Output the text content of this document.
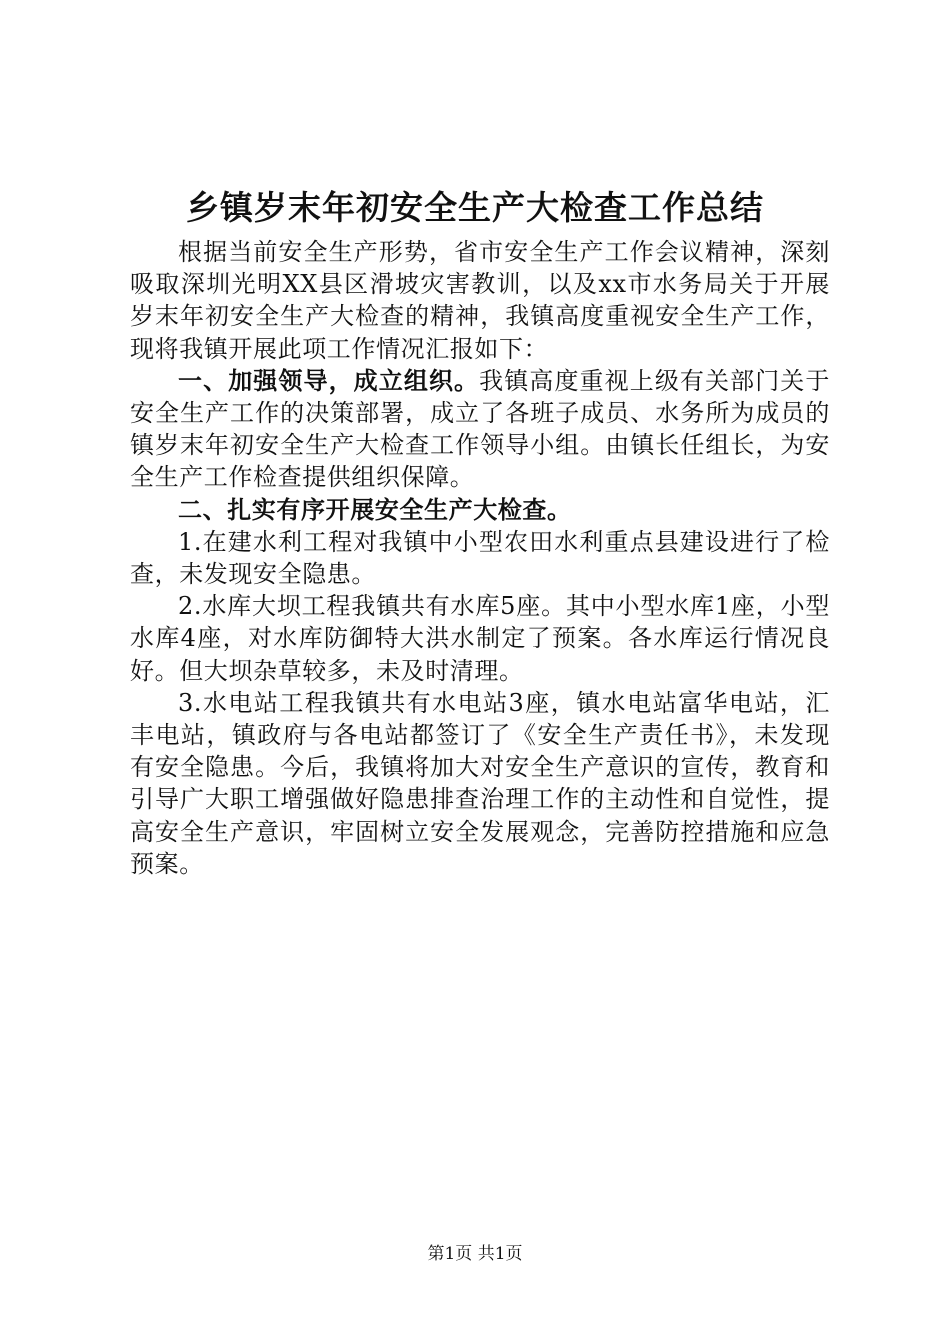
乡镇岁末年初安全生产大检查工作总结

根据当前安全生产形势，省市安全生产工作会议精神，深刻吸取深圳光明XX县区滑坡灾害教训，以及xx市水务局关于开展岁末年初安全生产大检查的精神，我镇高度重视安全生产工作，现将我镇开展此项工作情况汇报如下：

一、加强领导，成立组织。我镇高度重视上级有关部门关于安全生产工作的决策部署，成立了各班子成员、水务所为成员的镇岁末年初安全生产大检查工作领导小组。由镇长任组长，为安全生产工作检查提供组织保障。

二、扎实有序开展安全生产大检查。

1.在建水利工程对我镇中小型农田水利重点县建设进行了检查，未发现安全隐患。

2.水库大坝工程我镇共有水库5座。其中小型水库1座，小型水库4座，对水库防御特大洪水制定了预案。各水库运行情况良好。但大坝杂草较多，未及时清理。

3.水电站工程我镇共有水电站3座，镇水电站富华电站，汇丰电站，镇政府与各电站都签订了《安全生产责任书》，未发现有安全隐患。今后，我镇将加大对安全生产意识的宣传，教育和引导广大职工增强做好隐患排查治理工作的主动性和自觉性，提高安全生产意识，牢固树立安全发展观念，完善防控措施和应急预案。

第1页 共1页
